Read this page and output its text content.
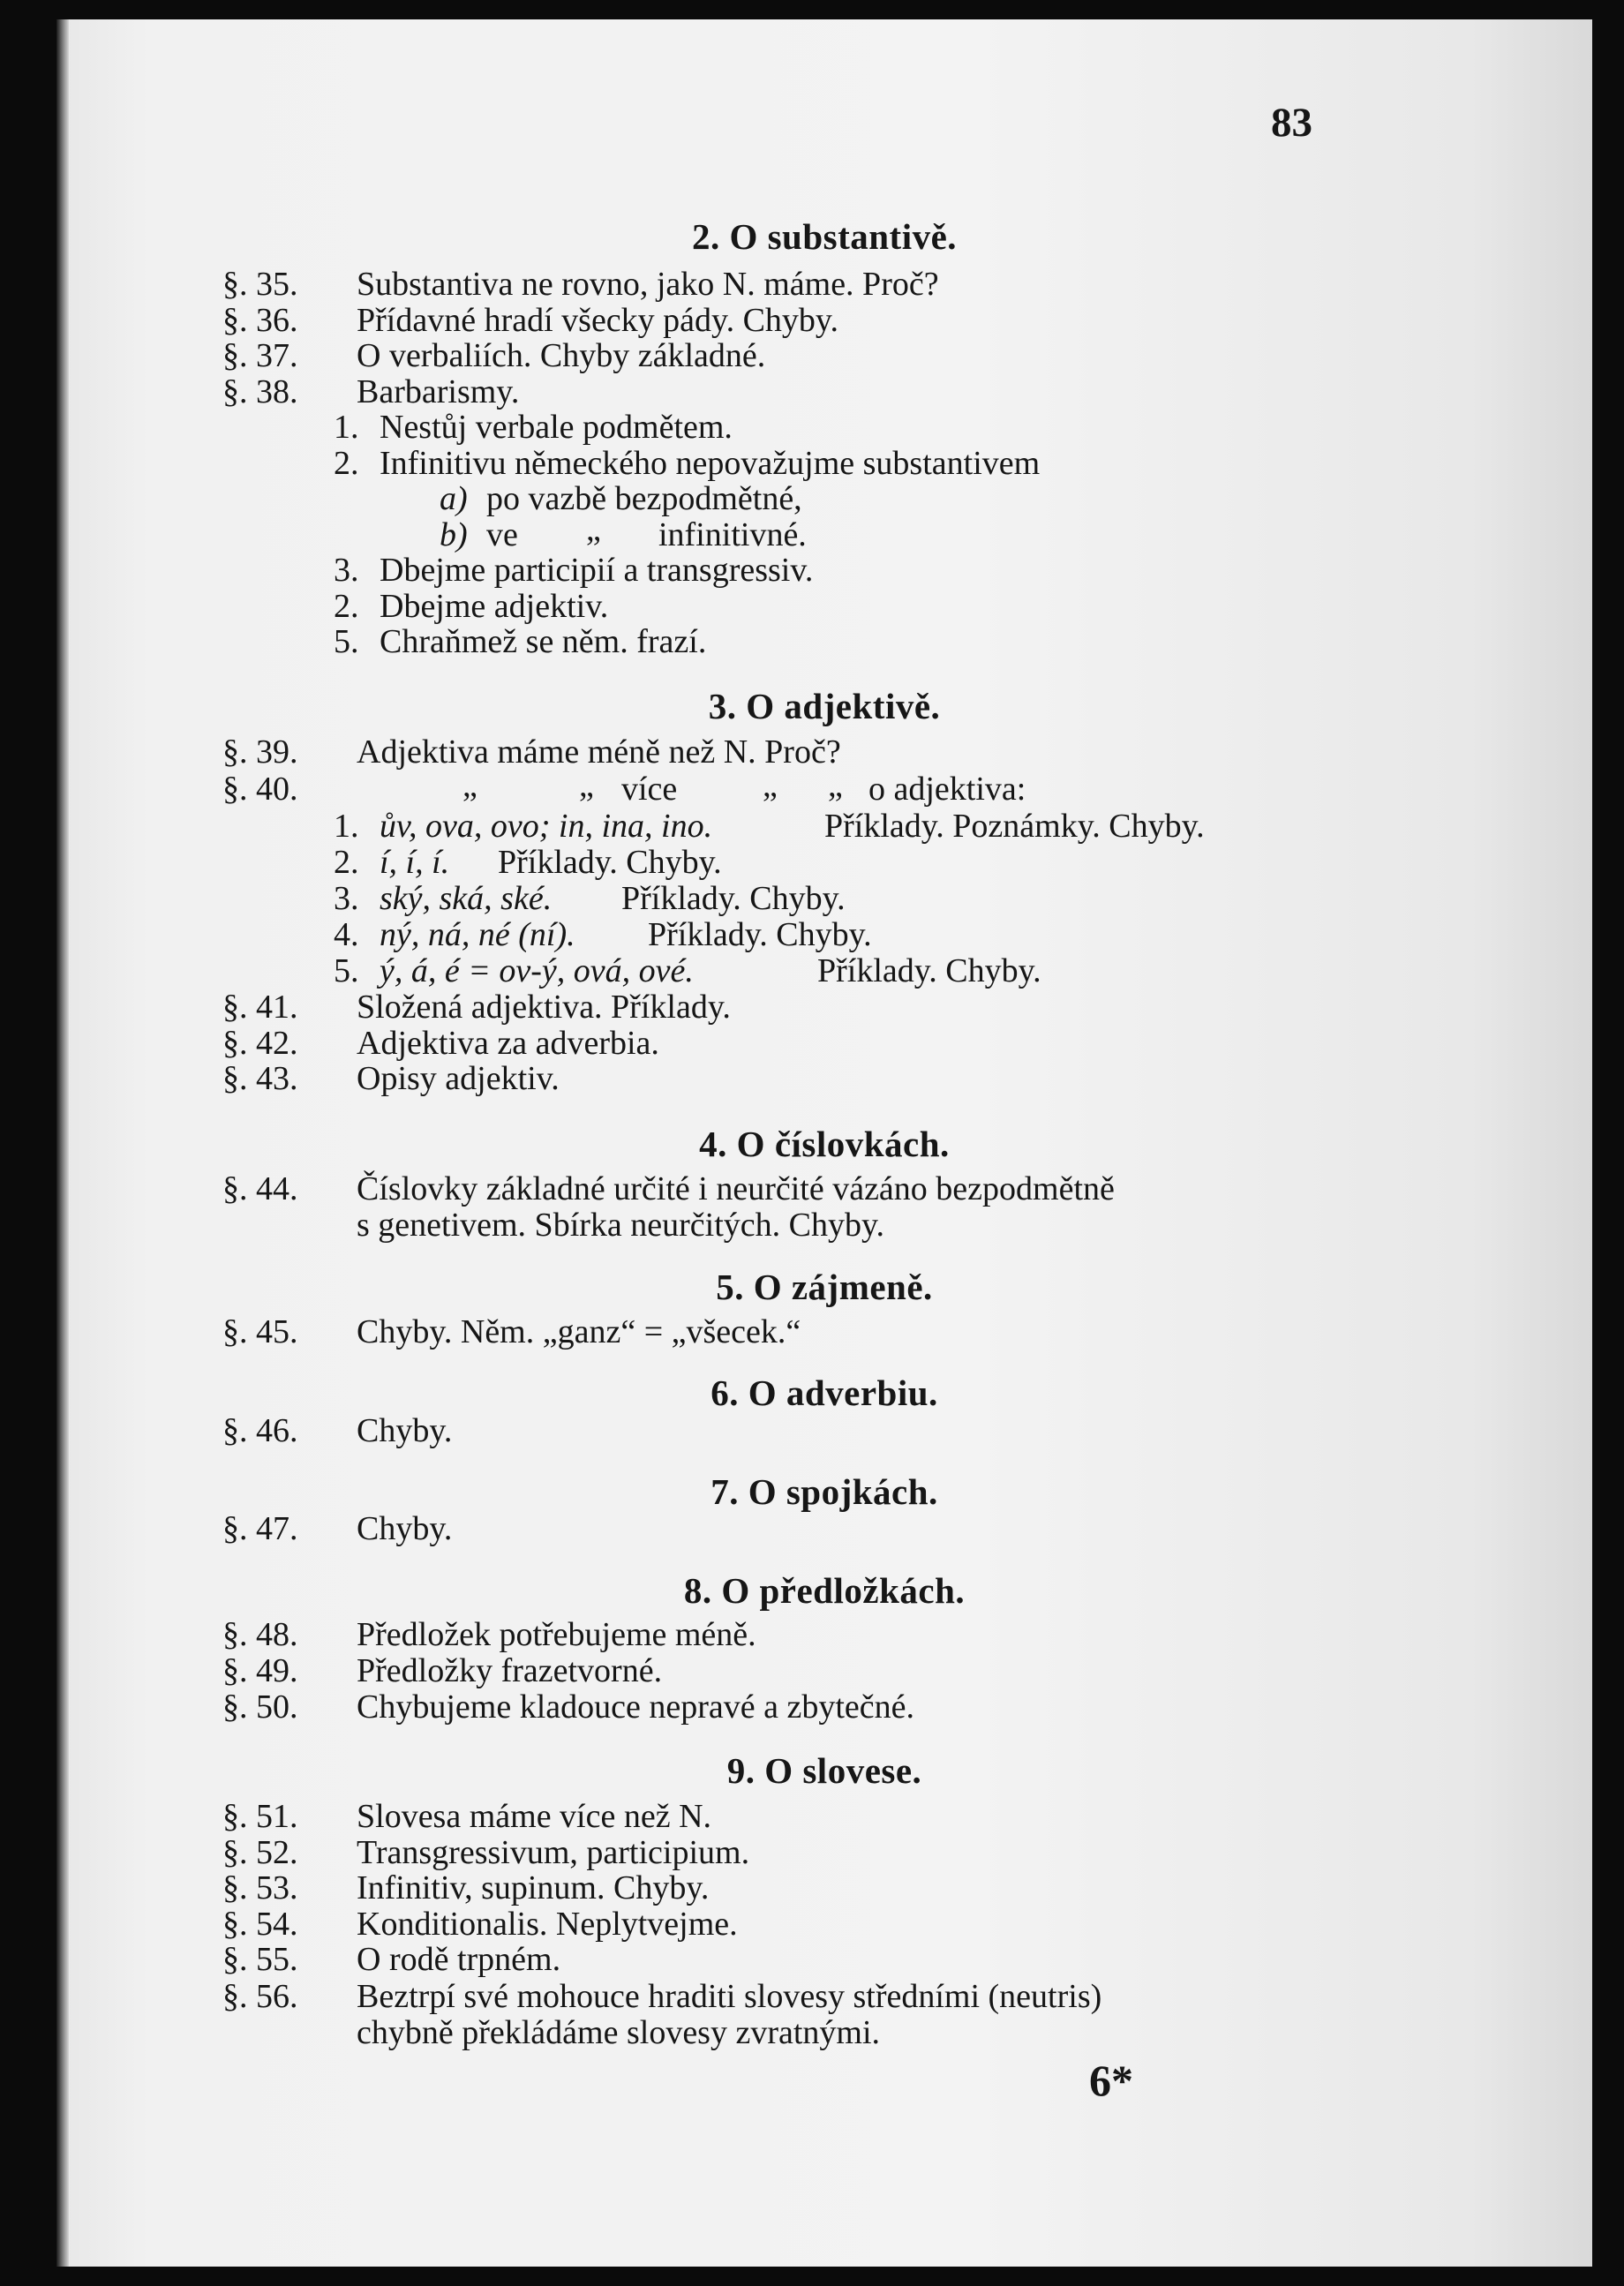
83
2. O substantivě.
§. 35. Substantiva ne rovno, jako N. máme. Proč?
§. 36. Přídavné hradí všecky pády. Chyby.
§. 37. O verbaliích. Chyby základné.
§. 38. Barbarismy.
1. Nestůj verbale podmětem.
2. Infinitivu německého nepovažujme substantivem
a) po vazbě bezpodmětné,
b) ve „ infinitivné.
3. Dbejme participií a transgressiv.
2. Dbejme adjektiv.
5. Chraňmež se něm. frazí.
3. O adjektivě.
§. 39. Adjektiva máme méně než N. Proč?
§. 40.	„	„ více	„ „ o adjektiva:
1. ův, ova, ovo; in, ina, ino.	Příklady. Poznámky. Chyby.
2. í, í, í. Příklady. Chyby.
3. ský, ská, ské. Příklady. Chyby.
4. ný, ná, né (ní). Příklady. Chyby.
5. ý, á, é = ov-ý, ová, ové.	Příklady. Chyby.
§. 41. Složená adjektiva. Příklady.
§. 42. Adjektiva za adverbia.
§. 43. Opisy adjektiv.
4. O číslovkách.
§. 44. Číslovky základné určité i neurčité vázáno bezpodmětně
s genetivem. Sbírka neurčitých. Chyby.
5. O zájmeně.
§. 45. Chyby. Něm. „ganz“ = „všecek.“
6. O adverbiu.
§. 46. Chyby.
7. O spojkách.
§. 47. Chyby.
8. O předložkách.
§. 48. Předložek potřebujeme méně.
§. 49. Předložky frazetvorné.
§. 50. Chybujeme kladouce nepravé a zbytečné.
9. O slovese.
§. 51. Slovesa máme více než N.
§. 52. Transgressivum, participium.
§. 53. Infinitiv, supinum. Chyby.
§. 54. Konditionalis. Neplytvejme.
§. 55. O rodě trpném.
§. 56. Beztrpí své mohouce hraditi slovesy středními (neutris)
chybně překládáme slovesy zvratnými.
6*
